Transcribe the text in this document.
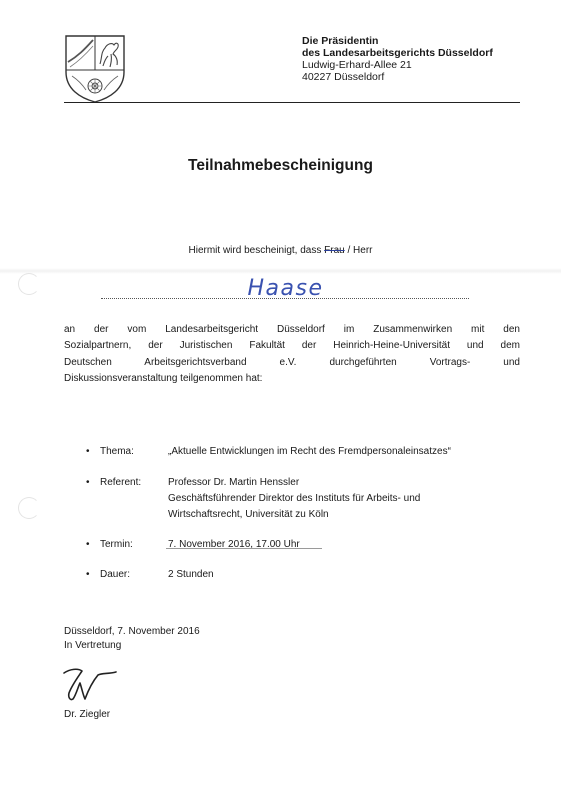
Die Präsidentin
des Landesarbeitsgerichts Düsseldorf
Ludwig-Erhard-Allee 21
40227 Düsseldorf
Teilnahmebescheinigung
Hiermit wird bescheinigt, dass Frau / Herr
Haase
an der vom Landesarbeitsgericht Düsseldorf im Zusammenwirken mit den
Sozialpartnern, der Juristischen Fakultät der Heinrich-Heine-Universität und dem
Deutschen Arbeitsgerichtsverband e.V. durchgeführten Vortrags- und
Diskussionsveranstaltung teilgenommen hat:
• Thema:	„Aktuelle Entwicklungen im Recht des Fremdpersonaleinsatzes“
• Referent:	Professor Dr. Martin Henssler
Geschäftsführender Direktor des Instituts für Arbeits- und
Wirtschaftsrecht, Universität zu Köln
• Termin:	7. November 2016, 17.00 Uhr
• Dauer:	2 Stunden
Düsseldorf, 7. November 2016
In Vertretung
Dr. Ziegler
